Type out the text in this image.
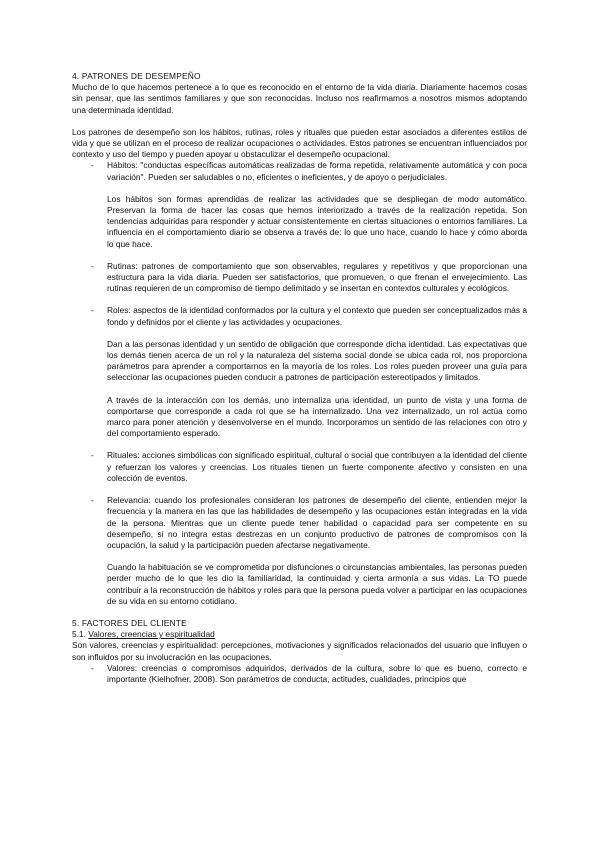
4. PATRONES DE DESEMPEÑO

Mucho de lo que hacemos pertenece a lo que es reconocido en el entorno de la vida diaria. Diariamente hacemos cosas sin pensar, que las sentimos familiares y que son reconocidas. Incluso nos reafirmamos a nosotros mismos adoptando una determinada identidad.

Los patrones de desempeño son los hábitos, rutinas, roles y rituales que pueden estar asociados a diferentes estilos de vida y que se utilizan en el proceso de realizar ocupaciones o actividades. Estos patrones se encuentran influenciados por contexto y uso del tiempo y pueden apoyar u obstaculizar el desempeño ocupacional.

- Hábitos: "conductas específicas automáticas realizadas de forma repetida, relativamente automática y con poca variación". Pueden ser saludables o no, eficientes o ineficientes, y de apoyo o perjudiciales.

Los hábitos son formas aprendidas de realizar las actividades que se despliegan de modo automático. Preservan la forma de hacer las cosas que hemos interiorizado a través de la realización repetida. Son tendencias adquiridas para responder y actuar consistentemente en ciertas situaciones o entornos familiares. La influencia en el comportamiento diario se observa a través de: lo que uno hace, cuando lo hace y cómo aborda lo que hace.

- Rutinas: patrones de comportamiento que son observables, regulares y repetitivos y que proporcionan una estructura para la vida diaria. Pueden ser satisfactorios, que promueven, o que frenan el envejecimiento. Las rutinas requieren de un compromiso de tiempo delimitado y se insertan en contextos culturales y ecológicos.

- Roles: aspectos de la identidad conformados por la cultura y el contexto que pueden ser conceptualizados más a fondo y definidos por el cliente y las actividades y ocupaciones.

Dan a las personas identidad y un sentido de obligación que corresponde dicha identidad. Las expectativas que los demás tienen acerca de un rol y la naturaleza del sistema social donde se ubica cada rol, nos proporciona parámetros para aprender a comportarnos en la mayoría de los roles. Los roles pueden proveer una guía para seleccionar las ocupaciones pueden conducir a patrones de participación estereotipados y limitados.

A través de la interacción con los demás, uno internaliza una identidad, un punto de vista y una forma de comportarse que corresponde a cada rol que se ha internalizado. Una vez internalizado, un rol actúa como marco para poner atención y desenvolverse en el mundo. Incorporamos un sentido de las relaciones con otro y del comportamiento esperado.

- Rituales: acciones simbólicas con significado espiritual, cultural o social que contribuyen a la identidad del cliente y refuerzan los valores y creencias. Los rituales tienen un fuerte componente afectivo y consisten en una colección de eventos.

- Relevancia: cuando los profesionales consideran los patrones de desempeño del cliente, entienden mejor la frecuencia y la manera en las que las habilidades de desempeño y las ocupaciones están integradas en la vida de la persona. Mientras que un cliente puede tener habilidad o capacidad para ser competente en su desempeño, si no integra estas destrezas en un conjunto productivo de patrones de compromisos con la ocupación, la salud y la participación pueden afectarse negativamente.

Cuando la habituación se ve comprometida por disfunciones o circunstancias ambientales, las personas pueden perder mucho de lo que les dio la familiaridad, la continuidad y cierta armonía a sus vidas. La TO puede contribuir a la reconstrucción de hábitos y roles para que la persona pueda volver a participar en las ocupaciones de su vida en su entorno cotidiano.

5. FACTORES DEL CLIENTE

5.1. Valores, creencias y espiritualidad

Son valores, creencias y espiritualidad: percepciones, motivaciones y significados relacionados del usuario que influyen o son influidos por su involucración en las ocupaciones.

- Valores: creencias o compromisos adquiridos, derivados de la cultura, sobre lo que es bueno, correcto e importante (Kielhofner, 2008). Son parámetros de conducta, actitudes, cualidades, principios que
